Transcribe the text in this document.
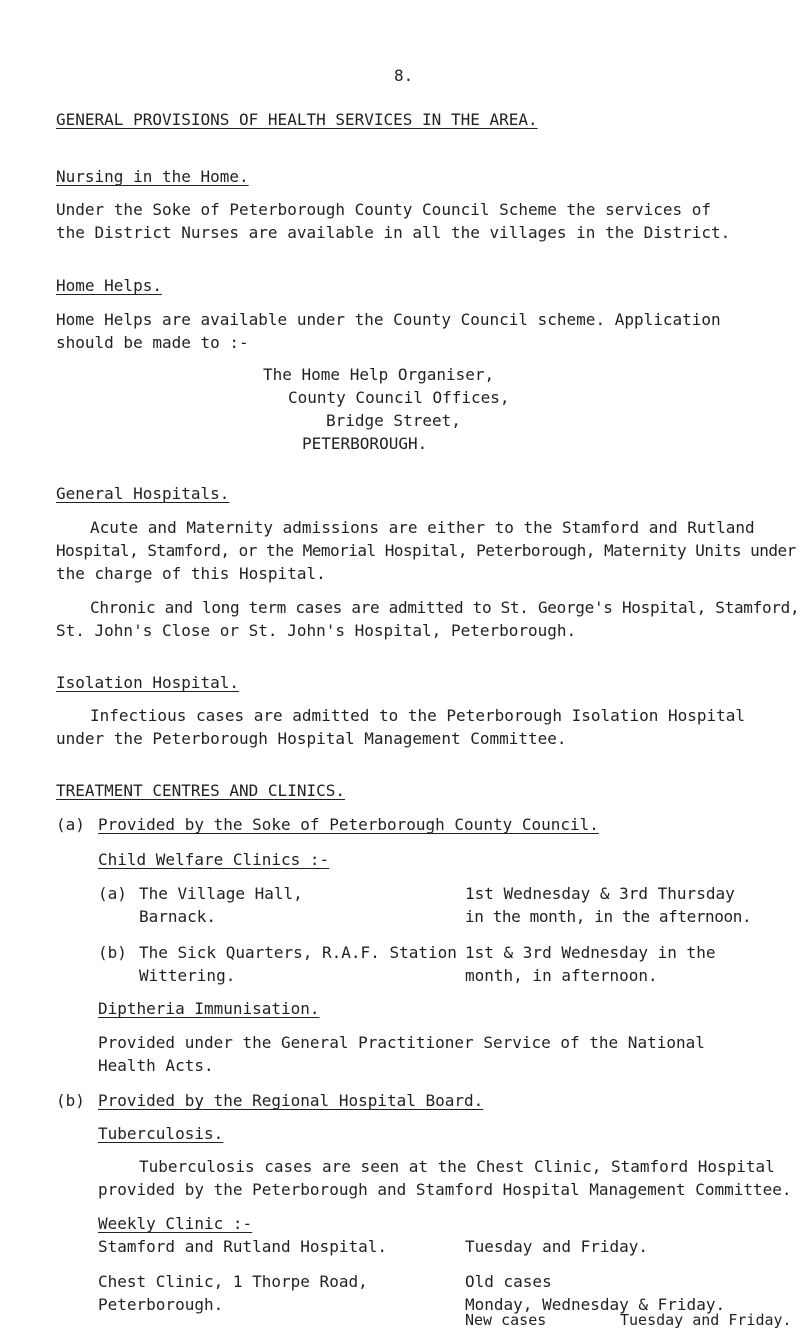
8.
GENERAL PROVISIONS OF HEALTH SERVICES IN THE AREA.
Nursing in the Home.
Under the Soke of Peterborough County Council Scheme the services of
the District Nurses are available in all the villages in the District.
Home Helps.
Home Helps are available under the County Council scheme. Application
should be made to :-
The Home Help Organiser,
County Council Offices,
Bridge Street,
PETERBOROUGH.
General Hospitals.
Acute and Maternity admissions are either to the Stamford and Rutland
Hospital, Stamford, or the Memorial Hospital, Peterborough, Maternity Units under
the charge of this Hospital.
Chronic and long term cases are admitted to St. George's Hospital, Stamford,
St. John's Close or St. John's Hospital, Peterborough.
Isolation Hospital.
Infectious cases are admitted to the Peterborough Isolation Hospital
under the Peterborough Hospital Management Committee.
TREATMENT CENTRES AND CLINICS.
(a) Provided by the Soke of Peterborough County Council.
Child Welfare Clinics :-
(a) The Village Hall,
Barnack.
1st Wednesday & 3rd Thursday
in the month, in the afternoon.
(b) The Sick Quarters, R.A.F. Station
Wittering.
1st & 3rd Wednesday in the
month, in afternoon.
Diptheria Immunisation.
Provided under the General Practitioner Service of the National
Health Acts.
(b) Provided by the Regional Hospital Board.
Tuberculosis.
Tuberculosis cases are seen at the Chest Clinic, Stamford Hospital
provided by the Peterborough and Stamford Hospital Management Committee.
Weekly Clinic :-
Stamford and Rutland Hospital.	Tuesday and Friday.
Chest Clinic, 1 Thorpe Road,
Peterborough.
Old cases
Monday, Wednesday & Friday.
New cases	Tuesday and Friday.
